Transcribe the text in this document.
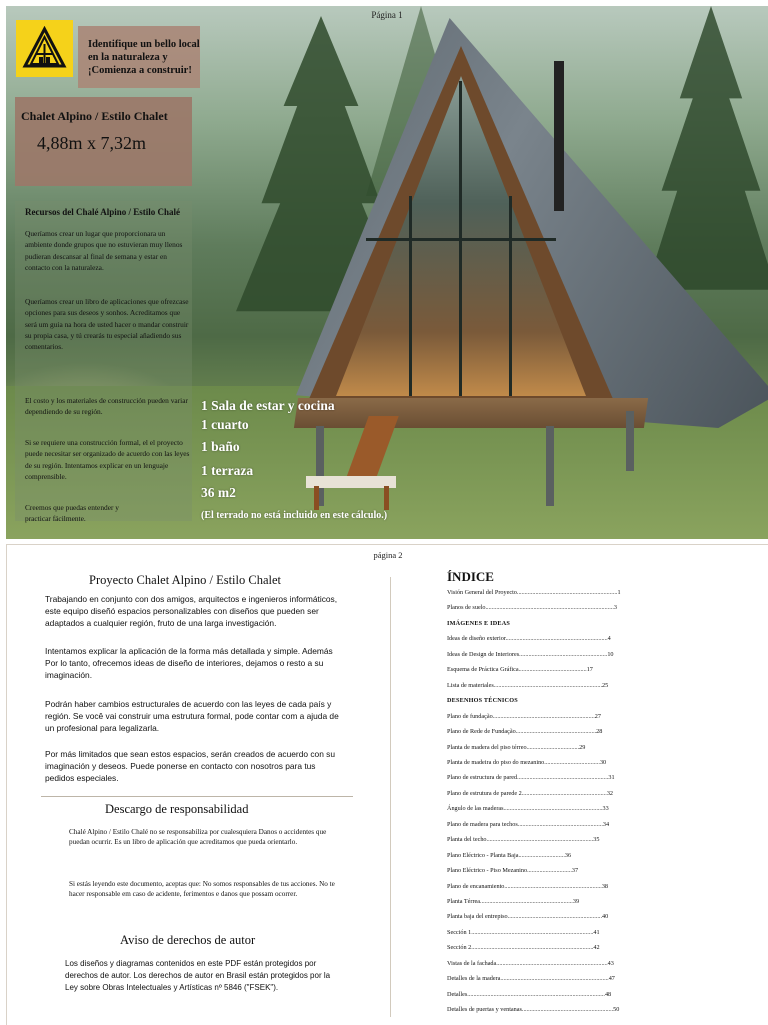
Página 1
Identifique un bello local en la naturaleza y ¡Comienza a construir!
Chalet Alpino / Estilo Chalet
4,88m x 7,32m
Recursos del Chalé Alpino / Estilo Chalé

Queríamos crear un lugar que proporcionara un ambiente donde grupos que no estuvieran muy llenos pudieran descansar al final de semana y estar en contacto con la naturaleza.

Queríamos crear un libro de aplicaciones que ofrezcase opciones para sus deseos y sonhos. Acreditamos que será um guia na hora de usted hacer o mandar construir su propia casa, y tú crearás tu especial añadiendo sus comentarios.

El costo y los materiales de construcción pueden variar dependiendo de su región.

Si se requiere una construcción formal, el el proyecto puede necesitar ser organizado de acuerdo con las leyes de su región. Intentamos explicar en un lenguaje comprensible.

Creemos que puedas entender y practicar fácilmente.

1 Sala de estar y cocina
1 cuarto
1 baño
1 terraza
36 m2
(El terrado no está incluido en este cálculo.)
página 2
Proyecto Chalet Alpino / Estilo Chalet

Trabajando en conjunto con dos amigos, arquitectos e ingenieros informáticos, este equipo diseñó espacios personalizables con diseños que pueden ser adaptados a cualquier región, fruto de una larga investigación.

Intentamos explicar la aplicación de la forma más detallada y simple. Además Por lo tanto, ofrecemos ideas de diseño de interiores, dejamos o resto a su imaginación.

Podrán haber cambios estructurales de acuerdo con las leyes de cada país y región. Se você vai construir uma estrutura formal, pode contar com a ajuda de un profesional para legalizarla.

Por más limitados que sean estos espacios, serán creados de acuerdo con su imaginación y deseos. Puede ponerse en contacto con nosotros para tus pedidos especiales.

Descargo de responsabilidad

Chalé Alpino / Estilo Chalé no se responsabiliza por cualesquiera Danos o accidentes que puedan ocurrir. Es un libro de aplicación que acreditamos que pueda orientarlo.

Si estás leyendo este documento, aceptas que: No somos responsables de tus acciones. No te hacer responsable em caso de acidente, ferimentos e danos que possam ocorrer.

Aviso de derechos de autor

Los diseños y diagramas contenidos en este PDF están protegidos por derechos de autor. Los derechos de autor en Brasil están protegidos por la Ley sobre Obras Intelectuales y Artísticas nº 5846 ("FSEK").

ÍNDICE
Visión General del Proyecto.................................................................1
Planos de suelo...................................................................................3
IMÁGENES E IDEAS
Ideas de diseño exterior..................................................................4
Ideas de Design de Interiores.........................................................10
Esquema de Práctica Gráfica............................................17
Lista de materiales......................................................................25
DESENHOS TÉCNICOS
Plano de fundação..................................................................27
Plano de Rede de Fundação....................................................28
Planta de madera del piso térreo..................................29
Planta de madeira do piso do mezanino....................................30
Plano de estructura de pared...........................................................31
Plano de estrutura de parede 2.......................................................32
Ángulo de las maderas................................................................33
Plano de madera para techos.......................................................34
Planta del techo.....................................................................35
Plano Eléctrico - Planta Baja..............................36
Plano Eléctrico - Piso Mezanino.............................37
Plano de encanamiento...............................................................38
Planta Térrea............................................................39
Planta baja del entrepiso.............................................................40
Sección 1...............................................................................41
Sección 2...............................................................................42
Vistas de la fachada........................................................................43
Detalles de la madera......................................................................47
Detalles.........................................................................................48
Detalles de puertas y ventanas...........................................................50
